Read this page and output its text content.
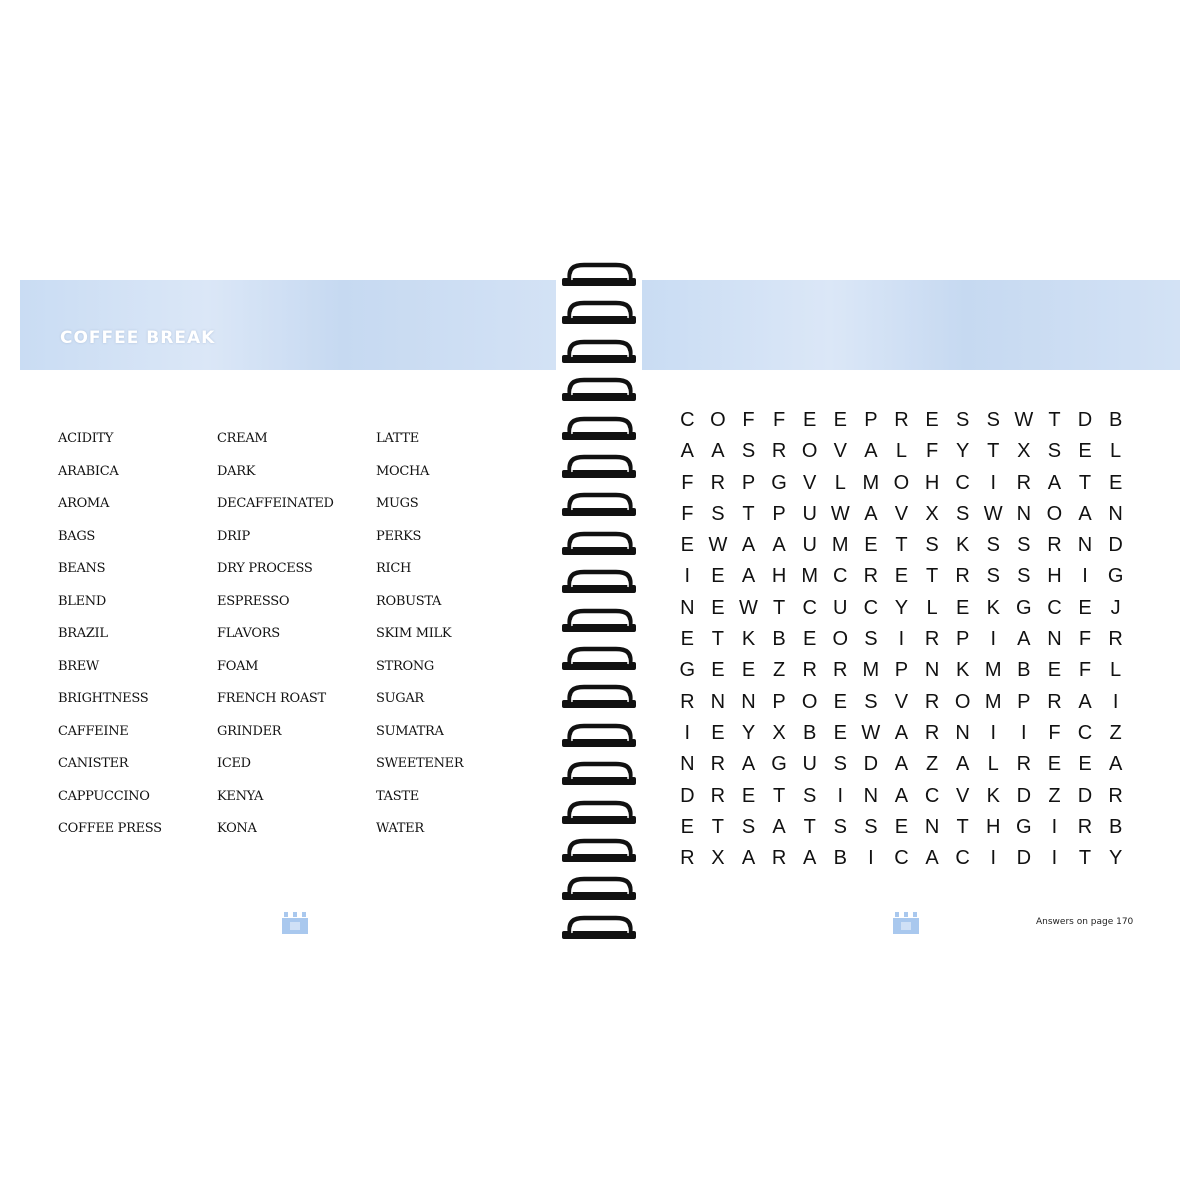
COFFEE BREAK
ACIDITY
ARABICA
AROMA
BAGS
BEANS
BLEND
BRAZIL
BREW
BRIGHTNESS
CAFFEINE
CANISTER
CAPPUCCINO
COFFEE PRESS
CREAM
DARK
DECAFFEINATED
DRIP
DRY PROCESS
ESPRESSO
FLAVORS
FOAM
FRENCH ROAST
GRINDER
ICED
KENYA
KONA
LATTE
MOCHA
MUGS
PERKS
RICH
ROBUSTA
SKIM MILK
STRONG
SUGAR
SUMATRA
SWEETENER
TASTE
WATER
C O F F E E P R E S S W T D B
A A S R O V A L F Y T X S E L
F R P G V L M O H C	I	R A T E
F S T P U W A V X S W N O A N
E W A A U M E T S K S S R N D
I	E A H M C R E T R S S H	I	G
N E W T C U C Y L E K G C E J
E T K B E O S	I	R P	I	A N F R
G E E Z R R M P N K M B E F L
R N N P O E S V R O M P R A	I
I	E Y X B E W A R N	I	I	F C Z
N R A G U S D A Z A L R E E A
D R E T S	I	N A C V K D Z D R
E T S A T S S E N T H G	I	R B
R X A R A B	I	C A C	I	D	I	T Y
Answers on page 170
